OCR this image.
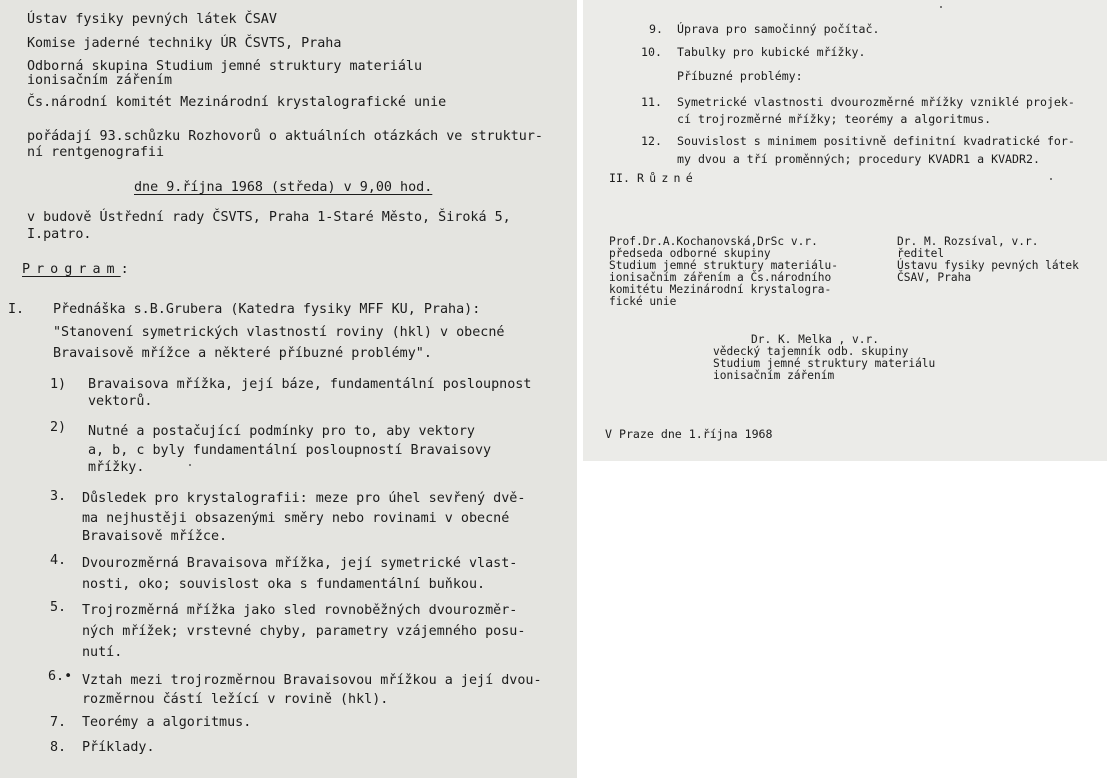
Ústav fysiky pevných látek ČSAV

Komise jaderné techniky ÚR ČSVTS, Praha

Odborná skupina Studium jemné struktury materiálu

ionisačním zářením

Čs.národní komitét Mezinárodní krystalografické unie

pořádají 93.schůzku Rozhovorů o aktuálních otázkách ve struktur-

ní rentgenografii

dne 9.října 1968 (středa) v 9,00 hod.

v budově Ústřední rady ČSVTS, Praha 1-Staré Město, Široká 5,

I.patro.

Program:

I. Přednáška s.B.Grubera (Katedra fysiky MFF KU, Praha):

"Stanovení symetrických vlastností roviny (hkl) v obecné

Bravaisově mřížce a některé příbuzné problémy".

1) Bravaisova mřížka, její báze, fundamentální posloupnost

vektorů.

2) Nutné a postačující podmínky pro to, aby vektory

a, b, c byly fundamentální posloupností Bravaisovy

mřížky.

3. Důsledek pro krystalografii: meze pro úhel sevřený dvě-

ma nejhustěji obsazenými směry nebo rovinami v obecné

Bravaisově mřížce.

4. Dvourozměrná Bravaisova mřížka, její symetrické vlast-

nosti, oko; souvislost oka s fundamentální buňkou.

5. Trojrozměrná mřížka jako sled rovnoběžných dvourozměr-

ných mřížek; vrstevné chyby, parametry vzájemného posu-

nutí.

6.• Vztah mezi trojrozměrnou Bravaisovou mřížkou a její dvou-

rozměrnou částí ležící v rovině (hkl).

7. Teorémy a algoritmus.

8. Příklady.

9. Úprava pro samočinný počítač.

10. Tabulky pro kubické mřížky.

Příbuzné problémy:

11. Symetrické vlastnosti dvourozměrné mřížky vzniklé projek-

cí trojrozměrné mřížky; teorémy a algoritmus.

12. Souvislost s minimem positivně definitní kvadratické for-

my dvou a tří proměnných; procedury KVADR1 a KVADR2.

II. Různé

Prof.Dr.A.Kochanovská,DrSc v.r.
předseda odborné skupiny
Studium jemné struktury materiálu-
ionisačním zářením a Čs.národního
komitétu Mezinárodní krystalogra-
fické unie
Dr. M. Rozsíval, v.r.
ředitel
Ústavu fysiky pevných látek
ČSAV, Praha
Dr. K. Melka , v.r.
vědecký tajemník odb. skupiny
Studium jemné struktury materiálu
ionisačním zářením

V Praze dne 1.října 1968
